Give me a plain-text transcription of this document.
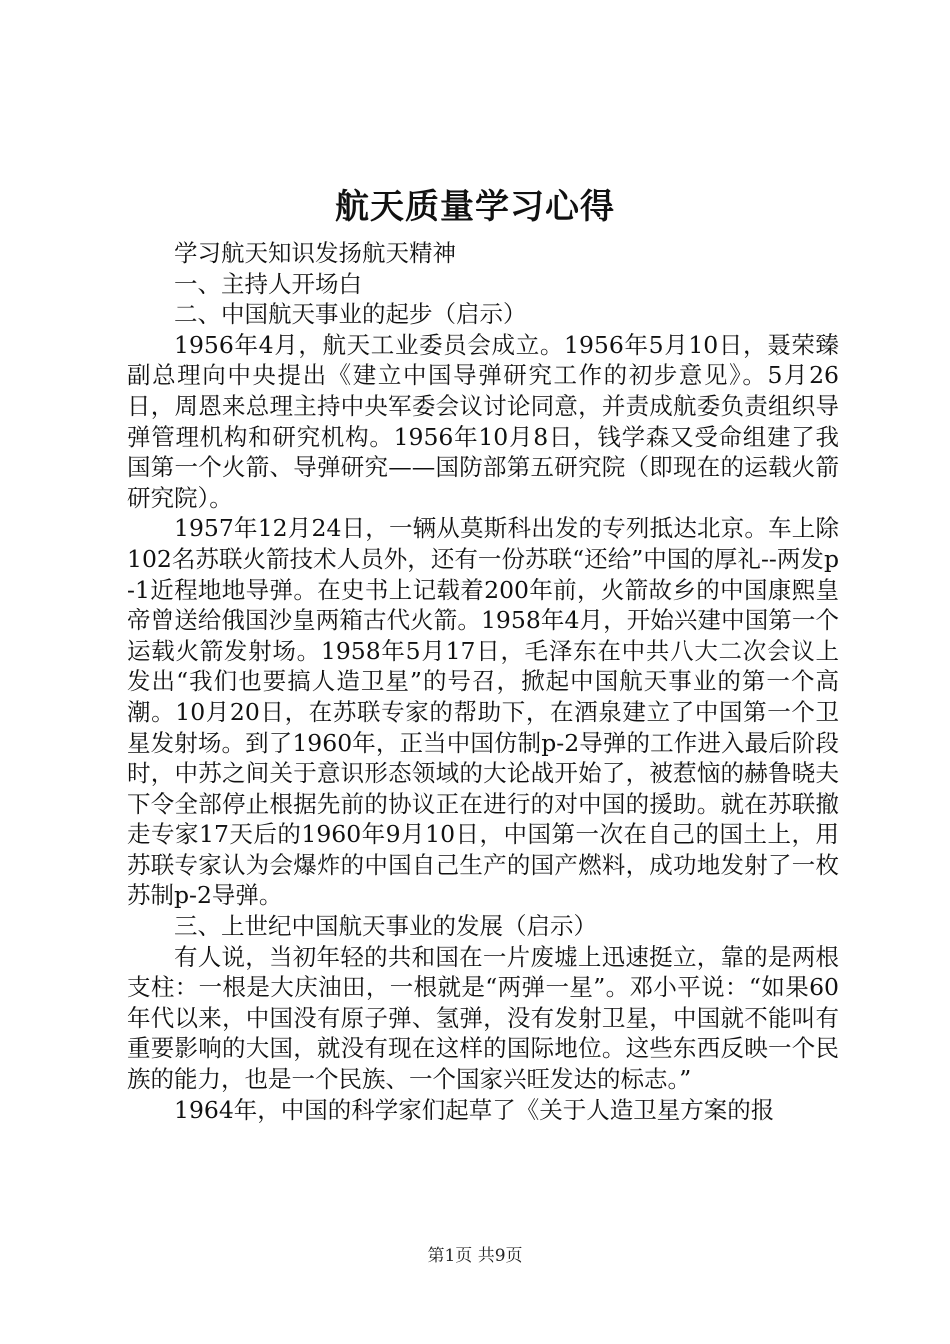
航天质量学习心得

学习航天知识发扬航天精神

一、主持人开场白

二、中国航天事业的起步（启示）

1956年4月，航天工业委员会成立。1956年5月10日，聂荣臻副总理向中央提出《建立中国导弹研究工作的初步意见》。5月26日，周恩来总理主持中央军委会议讨论同意，并责成航委负责组织导弹管理机构和研究机构。1956年10月8日，钱学森又受命组建了我国第一个火箭、导弹研究——国防部第五研究院（即现在的运载火箭研究院）。

1957年12月24日，一辆从莫斯科出发的专列抵达北京。车上除102名苏联火箭技术人员外，还有一份苏联“还给”中国的厚礼--两发p-1近程地地导弹。在史书上记载着200年前，火箭故乡的中国康熙皇帝曾送给俄国沙皇两箱古代火箭。1958年4月，开始兴建中国第一个运载火箭发射场。1958年5月17日，毛泽东在中共八大二次会议上发出“我们也要搞人造卫星”的号召，掀起中国航天事业的第一个高潮。10月20日，在苏联专家的帮助下，在酒泉建立了中国第一个卫星发射场。到了1960年，正当中国仿制p-2导弹的工作进入最后阶段时，中苏之间关于意识形态领域的大论战开始了，被惹恼的赫鲁晓夫下令全部停止根据先前的协议正在进行的对中国的援助。就在苏联撤走专家17天后的1960年9月10日，中国第一次在自己的国土上，用苏联专家认为会爆炸的中国自己生产的国产燃料，成功地发射了一枚苏制p-2导弹。

三、上世纪中国航天事业的发展（启示）

有人说，当初年轻的共和国在一片废墟上迅速挺立，靠的是两根支柱：一根是大庆油田，一根就是“两弹一星”。邓小平说：“如果60年代以来，中国没有原子弹、氢弹，没有发射卫星，中国就不能叫有重要影响的大国，就没有现在这样的国际地位。这些东西反映一个民族的能力，也是一个民族、一个国家兴旺发达的标志。”

1964年，中国的科学家们起草了《关于人造卫星方案的报

第1页 共9页
